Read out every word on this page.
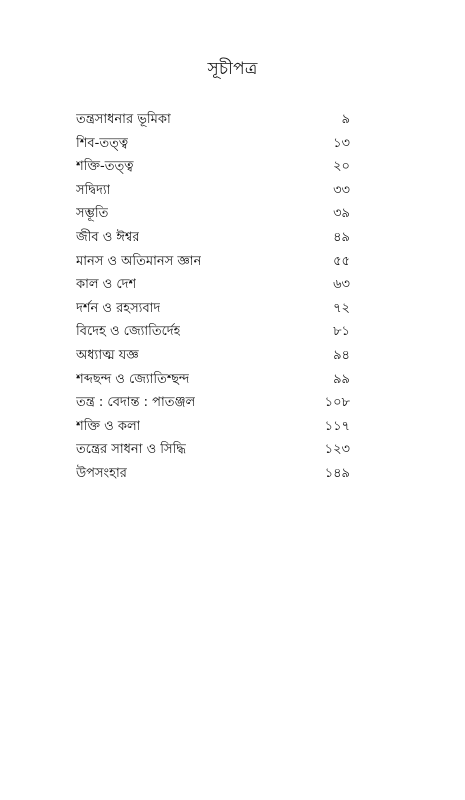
সূচীপত্র
তন্ত্রসাধনার ভূমিকা	৯
শিব-তত্ত্ব	১৩
শক্তি-তত্ত্ব	২০
সদ্বিদ্যা	৩৩
সম্ভূতি	৩৯
জীব ও ঈশ্বর	৪৯
মানস ও অতিমানস জ্ঞান	৫৫
কাল ও দেশ	৬৩
দর্শন ও রহস্যবাদ	৭২
বিদেহ ও জ্যোতির্দেহ	৮১
অধ্যাত্ম যজ্ঞ	৯৪
শব্দছন্দ ও জ্যোতিশ্ছন্দ	৯৯
তন্ত্র : বেদান্ত : পাতঞ্জল	১০৮
শক্তি ও কলা	১১৭
তন্ত্রের সাধনা ও সিদ্ধি	১২৩
উপসংহার	১৪৯
